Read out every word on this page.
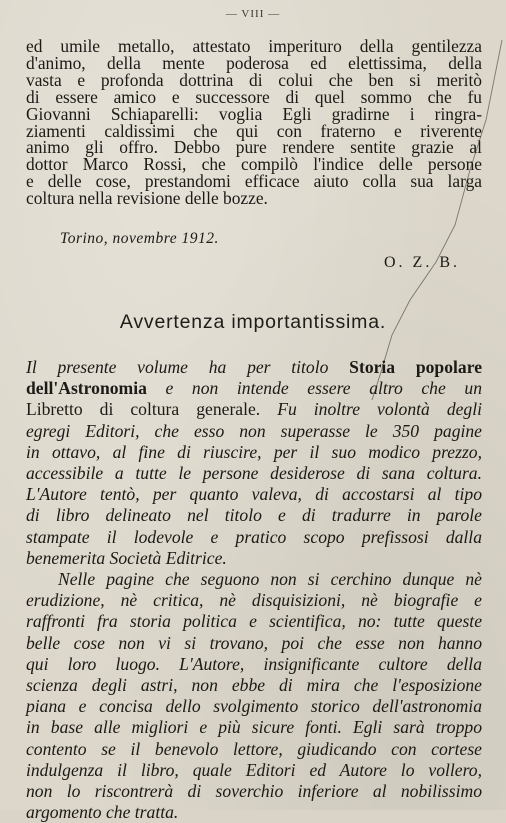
— VIII —
ed umile metallo, attestato imperituro della gentilezza
d'animo, della mente poderosa ed elettissima, della
vasta e profonda dottrina di colui che ben si meritò
di essere amico e successore di quel sommo che fu
Giovanni Schiaparelli: voglia Egli gradirne i ringra-
ziamenti caldissimi che qui con fraterno e riverente
animo gli offro. Debbo pure rendere sentite grazie al
dottor Marco Rossi, che compilò l'indice delle persone
e delle cose, prestandomi efficace aiuto colla sua larga
coltura nella revisione delle bozze.
Torino, novembre 1912.
O. Z. B.
Avvertenza importantissima.
Il presente volume ha per titolo Storia popolare
dell'Astronomia e non intende essere altro che un
Libretto di coltura generale. Fu inoltre volontà degli
egregi Editori, che esso non superasse le 350 pagine
in ottavo, al fine di riuscire, per il suo modico prezzo,
accessibile a tutte le persone desiderose di sana coltura.
L'Autore tentò, per quanto valeva, di accostarsi al tipo
di libro delineato nel titolo e di tradurre in parole
stampate il lodevole e pratico scopo prefissosi dalla
benemerita Società Editrice.
Nelle pagine che seguono non si cerchino dunque nè
erudizione, nè critica, nè disquisizioni, nè biografie e
raffronti fra storia politica e scientifica, no: tutte queste
belle cose non vi si trovano, poi che esse non hanno
qui loro luogo. L'Autore, insignificante cultore della
scienza degli astri, non ebbe di mira che l'esposizione
piana e concisa dello svolgimento storico dell'astronomia
in base alle migliori e più sicure fonti. Egli sarà troppo
contento se il benevolo lettore, giudicando con cortese
indulgenza il libro, quale Editori ed Autore lo vollero,
non lo riscontrerà di soverchio inferiore al nobilissimo
argomento che tratta.
